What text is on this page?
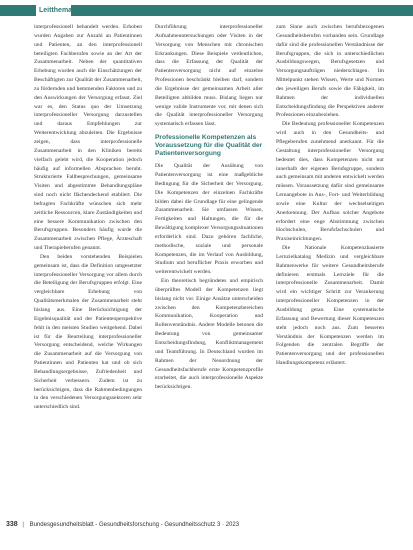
Leitthema

interprofessionell behandelt werden. Erhoben wurden Angaben zur Anzahl an Patientinnen und Patienten, an den interprofessionell beteiligten Fachberufen sowie an der Art der Zusammenarbeit. Neben der quantitativen Erhebung wurden auch die Einschätzungen der Beschäftigten zur Qualität der Zusammenarbeit, zu fördernden und hemmenden Faktoren und zu den Auswirkungen der Versorgung erfasst. Ziel war es, den Status quo der Umsetzung interprofessioneller Versorgung darzustellen und daraus Empfehlungen zur Weiterentwicklung abzuleiten. Die Ergebnisse zeigen, dass interprofessionelle Zusammenarbeit in den Kliniken bereits vielfach gelebt wird, die Kooperation jedoch häufig auf informellen Absprachen beruht. Strukturierte Fallbesprechungen, gemeinsame Visiten und abgestimmte Behandlungspläne sind noch nicht flächendeckend etabliert. Die befragten Fachkräfte wünschen sich mehr zeitliche Ressourcen, klare Zuständigkeiten und eine bessere Kommunikation zwischen den Berufsgruppen. Besonders häufig wurde die Zusammenarbeit zwischen Pflege, Ärzteschaft und Therapieberufen genannt.

Den beiden vorstehenden Beispielen gemeinsam ist, dass die Definition umgesetzter interprofessioneller Versorgung vor allem durch die Beteiligung der Berufsgruppen erfolgt. Eine vergleichbare Erhebung von Qualitätsmerkmalen der Zusammenarbeit steht bislang aus. Eine Berücksichtigung der Ergebnisqualität und der Patientenperspektive fehlt in den meisten Studien weitgehend. Dabei ist für die Beurteilung interprofessioneller Versorgung entscheidend, welche Wirkungen die Zusammenarbeit auf die Versorgung von Patientinnen und Patienten hat und ob sich Behandlungsergebnisse, Zufriedenheit und Sicherheit verbessern. Zudem ist zu berücksichtigen, dass die Rahmenbedingungen in den verschiedenen Versorgungssektoren sehr unterschiedlich sind.

Durchführung interprofessioneller Aufnahmeuntersuchungen oder Visiten in der Versorgung von Menschen mit chronischen Erkrankungen. Diese Beispiele verdeutlichen, dass die Erfassung der Qualität der Patientenversorgung nicht auf einzelne Professionen beschränkt bleiben darf, sondern die Ergebnisse der gemeinsamen Arbeit aller Beteiligten abbilden muss. Bislang liegen nur wenige valide Instrumente vor, mit denen sich die Qualität interprofessioneller Versorgung systematisch erfassen lässt.

Professionelle Kompetenzen als Voraussetzung für die Qualität der Patientenversorgung

Die Qualität der Ausübung von Patientenversorgung ist eine maßgebliche Bedingung für die Sicherheit der Versorgung. Die Kompetenzen der einzelnen Fachkräfte bilden dabei die Grundlage für eine gelingende Zusammenarbeit. Sie umfassen Wissen, Fertigkeiten und Haltungen, die für die Bewältigung komplexer Versorgungssituationen erforderlich sind. Dazu gehören fachliche, methodische, soziale und personale Kompetenzen, die im Verlauf von Ausbildung, Studium und beruflicher Praxis erworben und weiterentwickelt werden.

Ein theoretisch begründetes und empirisch überprüftes Modell der Kompetenzen liegt bislang nicht vor. Einige Ansätze unterscheiden zwischen den Kompetenzbereichen Kommunikation, Kooperation und Rollenverständnis. Andere Modelle betonen die Bedeutung von gemeinsamer Entscheidungsfindung, Konfliktmanagement und Teamführung. In Deutschland wurden im Rahmen der Neuordnung der Gesundheitsfachberufe erste Kompetenzprofile erarbeitet, die auch interprofessionelle Aspekte berücksichtigen.

zum Sinne auch zwischen berufsbezogenen Gesundheitsberufen vorhanden sein. Grundlage dafür sind die professionellen Verständnisse der Berufsgruppen, die sich in unterschiedlichen Ausbildungswegen, Berufsgesetzen und Versorgungsaufträgen niederschlagen. Im Mittelpunkt stehen Wissen, Werte und Normen des jeweiligen Berufs sowie die Fähigkeit, im Rahmen der individuellen Entscheidungsfindung die Perspektiven anderer Professionen einzubeziehen.

Die Bedeutung professioneller Kompetenzen wird auch in den Gesundheits- und Pflegeberufen zunehmend anerkannt. Für die Gestaltung interprofessioneller Versorgung bedeutet dies, dass Kompetenzen nicht nur innerhalb der eigenen Berufsgruppe, sondern auch gemeinsam mit anderen entwickelt werden müssen. Voraussetzung dafür sind gemeinsame Lernangebote in Aus-, Fort- und Weiterbildung sowie eine Kultur der wechselseitigen Anerkennung. Der Aufbau solcher Angebote erfordert eine enge Abstimmung zwischen Hochschulen, Berufsfachschulen und Praxiseinrichtungen.

Die Nationale Kompetenzbasierte Lernzielkatalog Medizin und vergleichbare Rahmenwerke für weitere Gesundheitsberufe definieren erstmals Lernziele für die interprofessionelle Zusammenarbeit. Damit wird ein wichtiger Schritt zur Verankerung interprofessioneller Kompetenzen in der Ausbildung getan. Eine systematische Erfassung und Bewertung dieser Kompetenzen steht jedoch noch aus. Zum besseren Verständnis der Kompetenzen werden im Folgenden die zentralen Begriffe der Patientenversorgung und der professionellen Handlungskompetenz erläutert.

338 | Bundesgesundheitsblatt - Gesundheitsforschung - Gesundheitsschutz 3 · 2023
